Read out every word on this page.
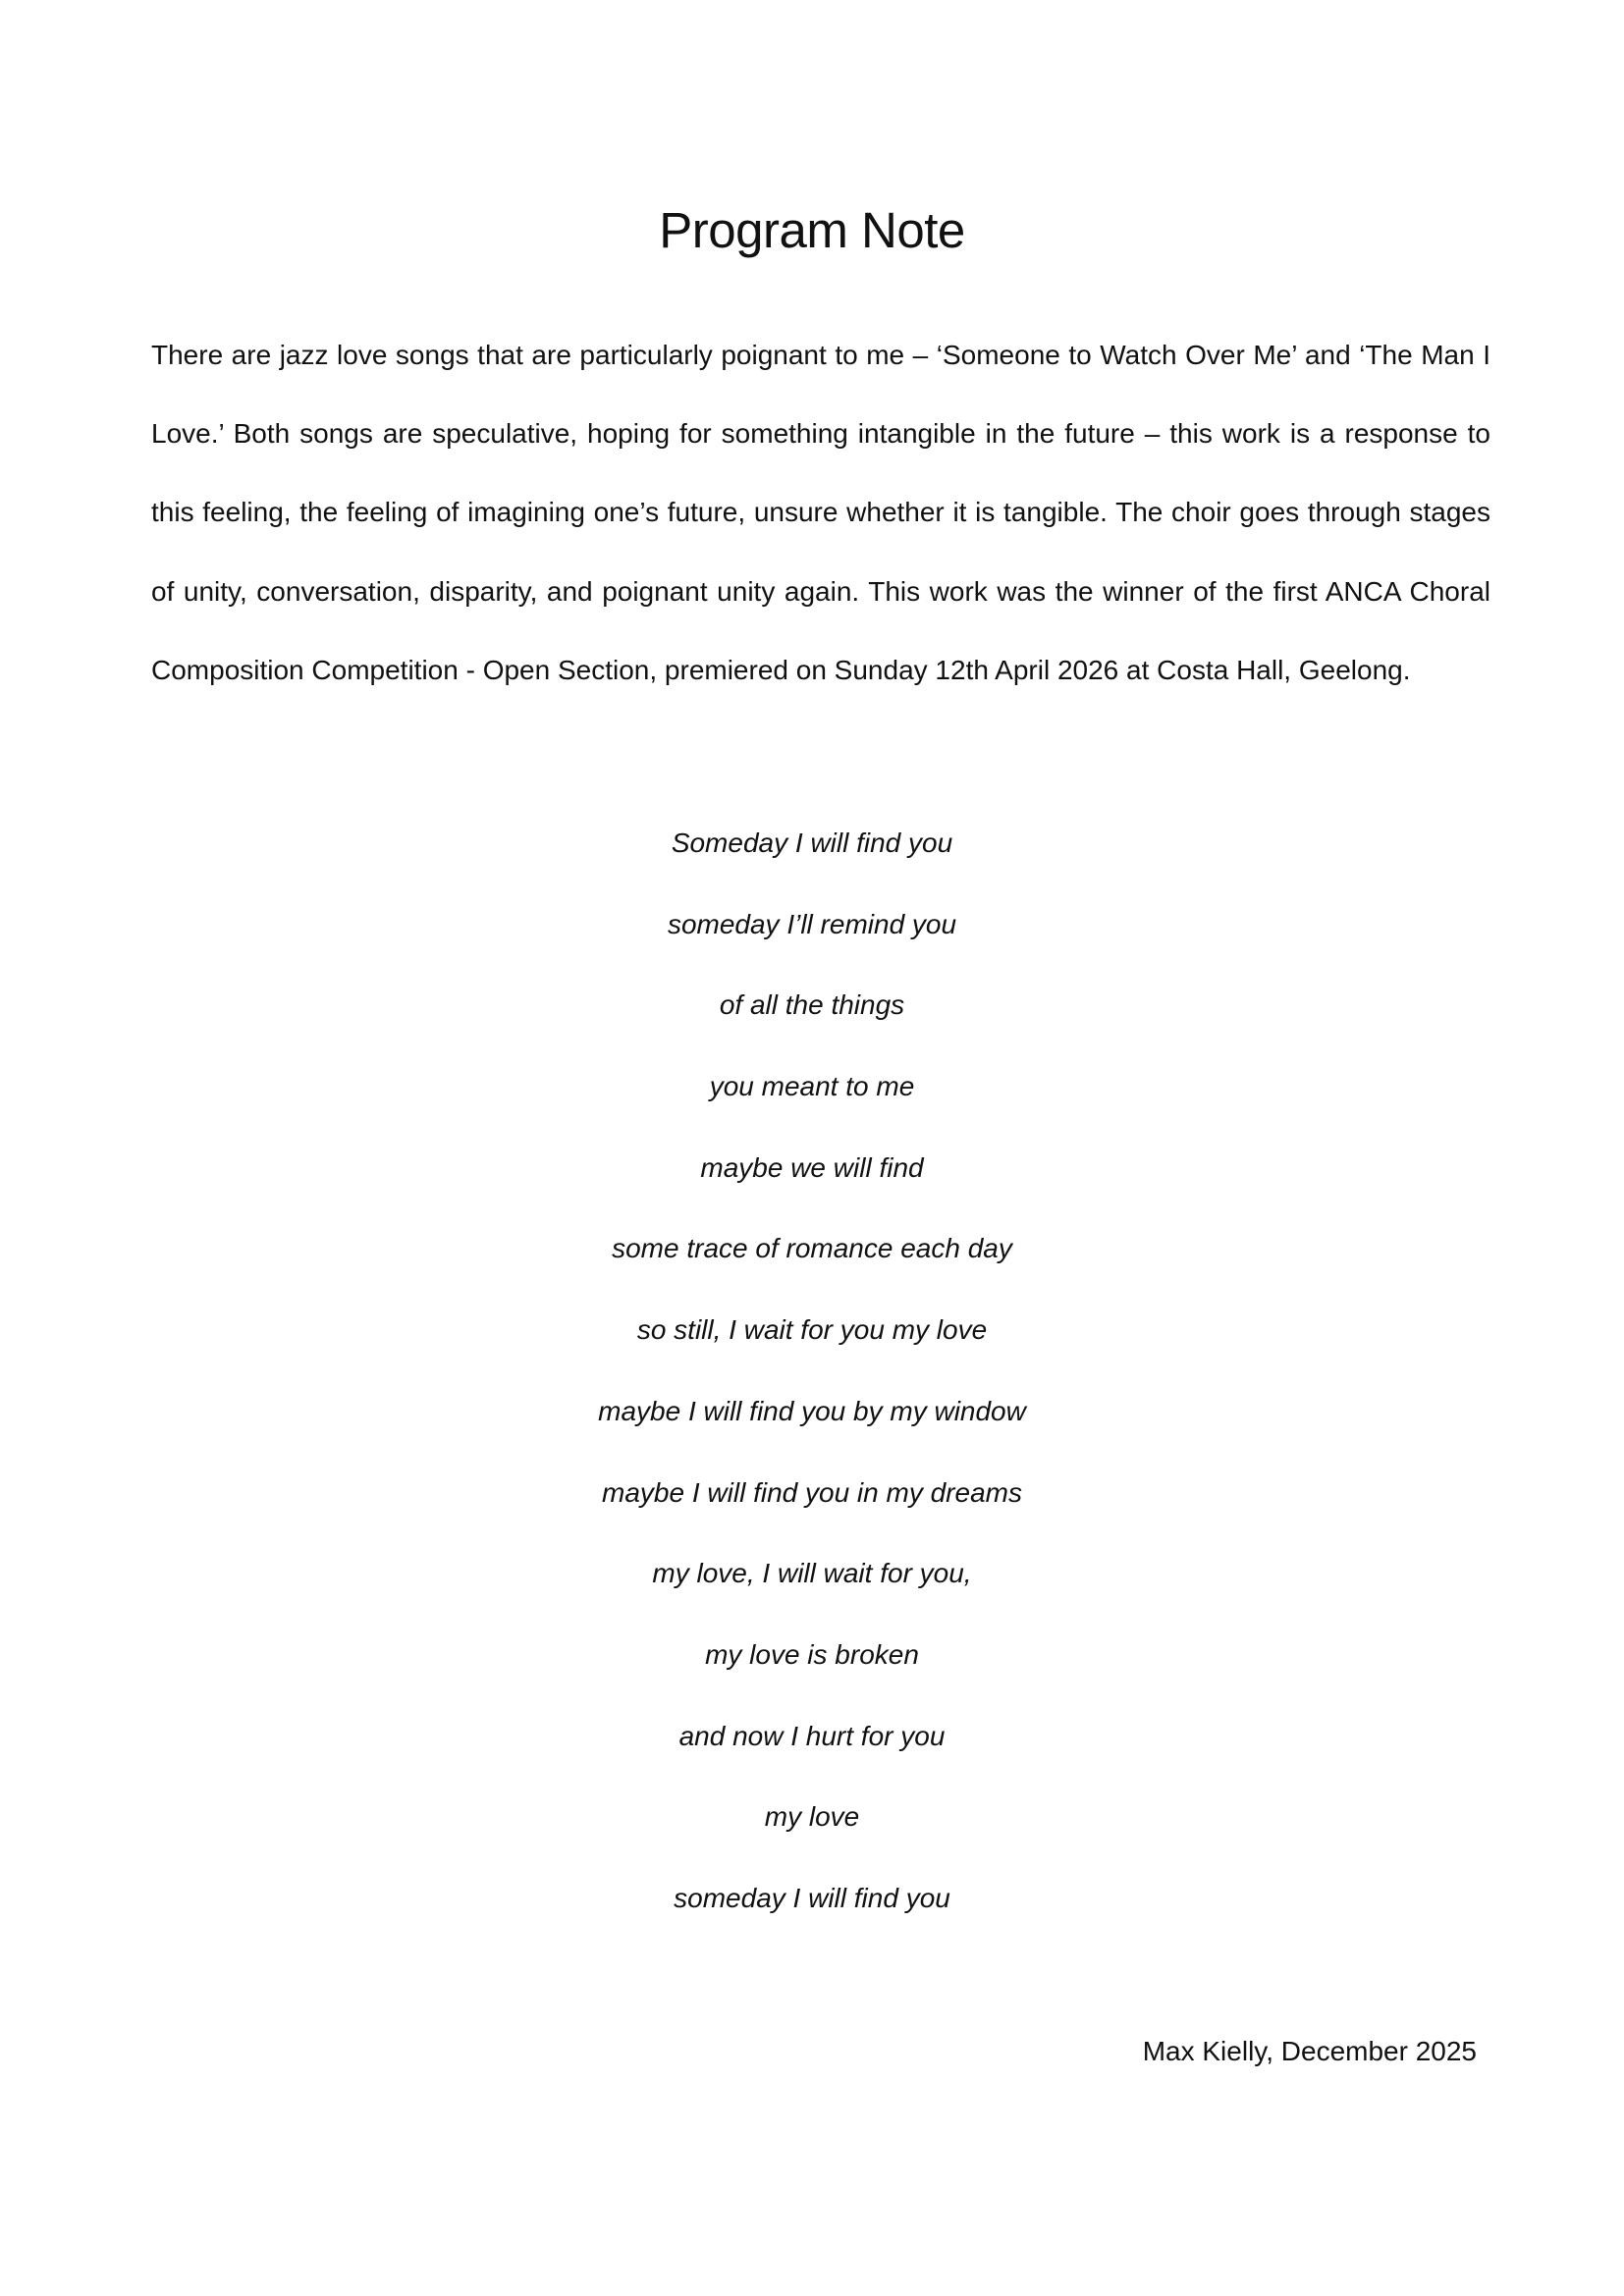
Program Note

There are jazz love songs that are particularly poignant to me – ‘Someone to Watch Over Me’ and ‘The Man I Love.’ Both songs are speculative, hoping for something intangible in the future – this work is a response to this feeling, the feeling of imagining one’s future, unsure whether it is tangible. The choir goes through stages of unity, conversation, disparity, and poignant unity again. This work was the winner of the first ANCA Choral Composition Competition - Open Section, premiered on Sunday 12th April 2026 at Costa Hall, Geelong.

Someday I will find you
someday I’ll remind you
of all the things
you meant to me
maybe we will find
some trace of romance each day
so still, I wait for you my love
maybe I will find you by my window
maybe I will find you in my dreams
my love, I will wait for you,
my love is broken
and now I hurt for you
my love
someday I will find you

Max Kielly, December 2025
